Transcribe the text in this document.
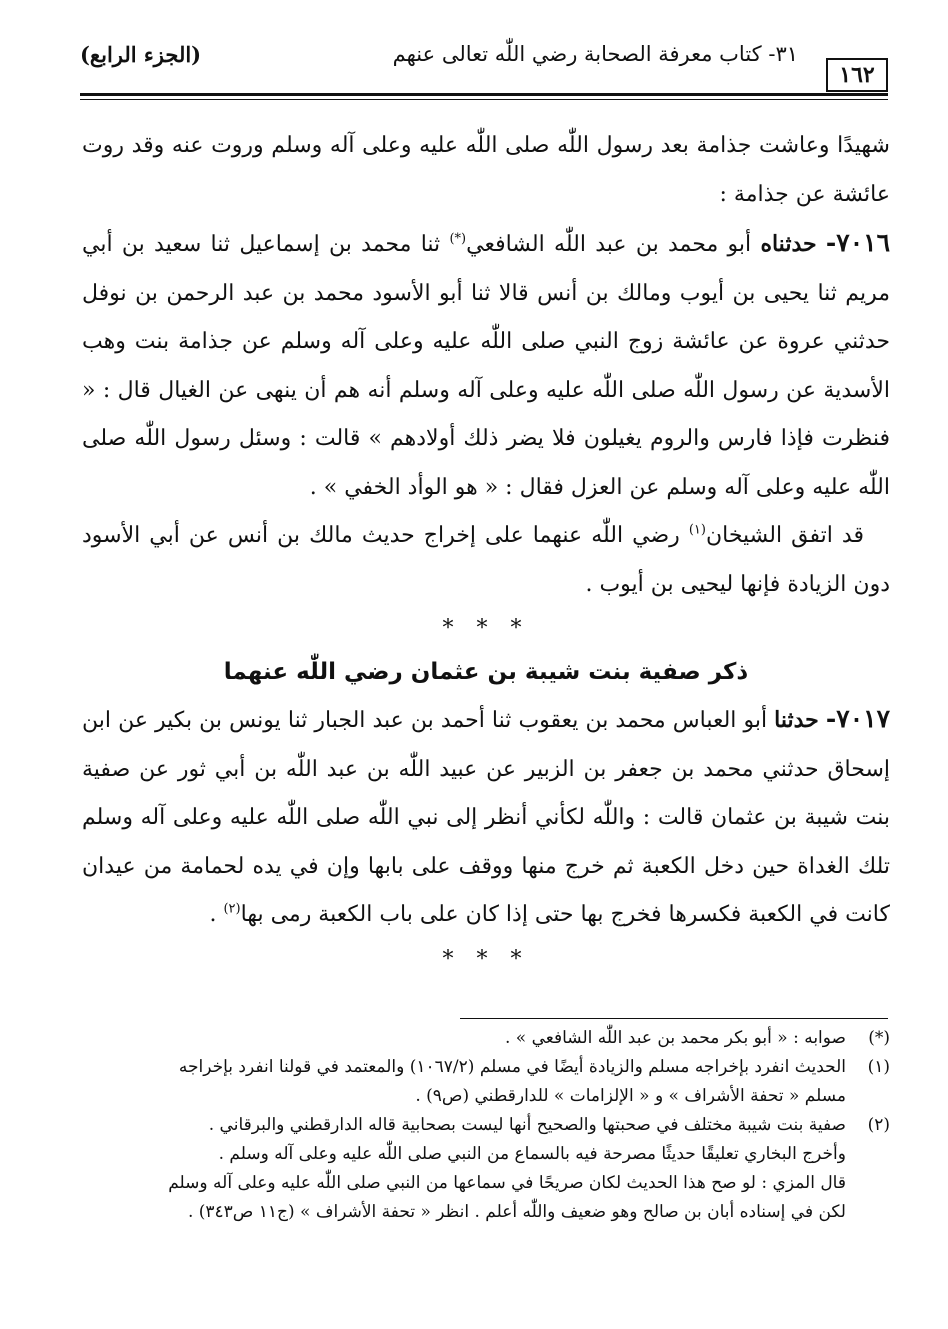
١٦٢
٣١- كتاب معرفة الصحابة رضي اللّٰه تعالى عنهم
(الجزء الرابع)

شهيدًا وعاشت جذامة بعد رسول اللّٰه صلى اللّٰه عليه وعلى آله وسلم وروت عنه وقد روت عائشة عن جذامة :

٧٠١٦- حدثناه أبو محمد بن عبد اللّٰه الشافعي(*) ثنا محمد بن إسماعيل ثنا سعيد بن أبي مريم ثنا يحيى بن أيوب ومالك بن أنس قالا ثنا أبو الأسود محمد بن عبد الرحمن بن نوفل حدثني عروة عن عائشة زوج النبي صلى اللّٰه عليه وعلى آله وسلم عن جذامة بنت وهب الأسدية عن رسول اللّٰه صلى اللّٰه عليه وعلى آله وسلم أنه هم أن ينهى عن الغيال قال : « فنظرت فإذا فارس والروم يغيلون فلا يضر ذلك أولادهم » قالت : وسئل رسول اللّٰه صلى اللّٰه عليه وعلى آله وسلم عن العزل فقال : « هو الوأد الخفي » .

قد اتفق الشيخان$^{(١)}$ رضي اللّٰه عنهما على إخراج حديث مالك بن أنس عن أبي الأسود دون الزيادة فإنها ليحيى بن أيوب .

* * *
ذكر صفية بنت شيبة بن عثمان رضي اللّٰه عنهما

٧٠١٧- حدثنا أبو العباس محمد بن يعقوب ثنا أحمد بن عبد الجبار ثنا يونس بن بكير عن ابن إسحاق حدثني محمد بن جعفر بن الزبير عن عبيد اللّٰه بن عبد اللّٰه بن أبي ثور عن صفية بنت شيبة بن عثمان قالت : واللّٰه لكأني أنظر إلى نبي اللّٰه صلى اللّٰه عليه وعلى آله وسلم تلك الغداة حين دخل الكعبة ثم خرج منها ووقف على بابها وإن في يده لحمامة من عيدان كانت في الكعبة فكسرها فخرج بها حتى إذا كان على باب الكعبة رمى بها$^{(٢)}$ .

* * *
(*)
صوابه : « أبو بكر محمد بن عبد اللّٰه الشافعي » .
(١)
الحديث انفرد بإخراجه مسلم والزيادة أيضًا في مسلم (١٠٦٧/٢) والمعتمد في قولنا انفرد بإخراجه
مسلم « تحفة الأشراف » و « الإلزامات » للدارقطني (ص٩) .
(٢)
صفية بنت شيبة مختلف في صحبتها والصحيح أنها ليست بصحابية قاله الدارقطني والبرقاني .
وأخرج البخاري تعليقًا حديثًا مصرحة فيه بالسماع من النبي صلى اللّٰه عليه وعلى آله وسلم .
قال المزي : لو صح هذا الحديث لكان صريحًا في سماعها من النبي صلى اللّٰه عليه وعلى آله وسلم
لكن في إسناده أبان بن صالح وهو ضعيف واللّٰه أعلم . انظر « تحفة الأشراف » (ج١١ ص٣٤٣) .
